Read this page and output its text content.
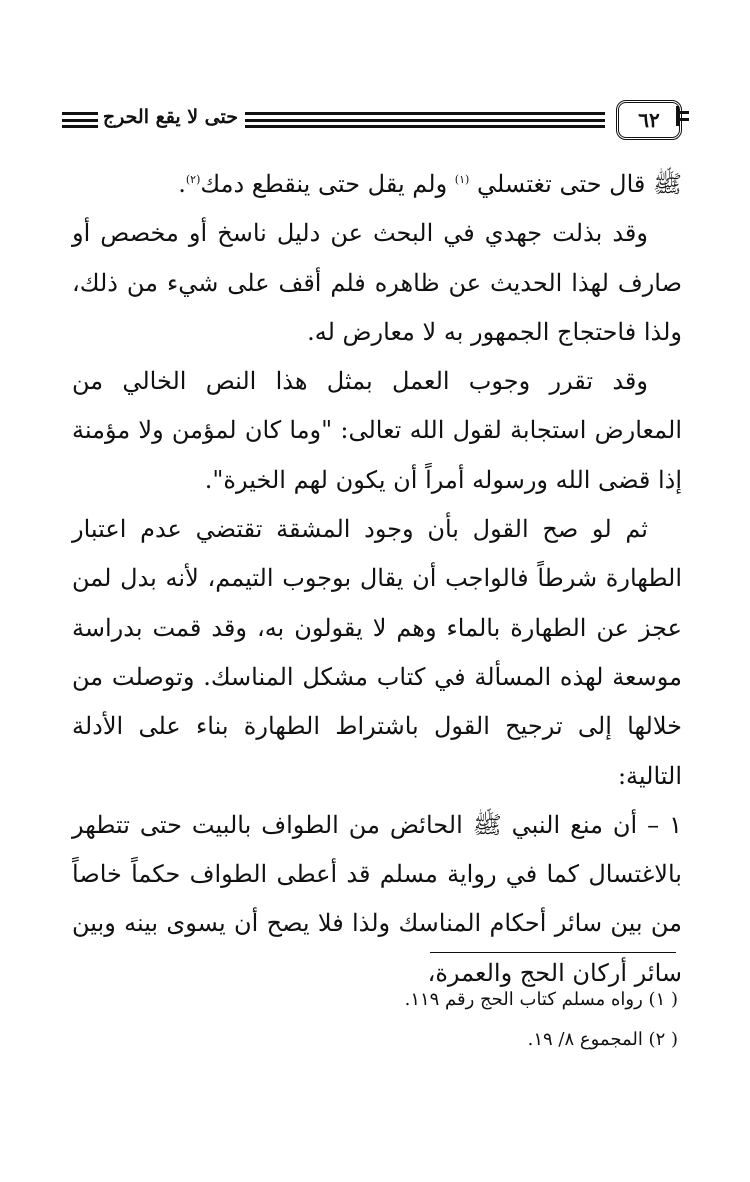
حتى لا يقع الحرج	٦٢

ﷺ قال حتى تغتسلي $^{(١)}$ ولم يقل حتى ينقطع دمك$^{(٢)}$.

وقد بذلت جهدي في البحث عن دليل ناسخ أو مخصص أو صارف لهذا الحديث عن ظاهره فلم أقف على شيء من ذلك، ولذا فاحتجاج الجمهور به لا معارض له.

وقد تقرر وجوب العمل بمثل هذا النص الخالي من المعارض استجابة لقول الله تعالى: "وما كان لمؤمن ولا مؤمنة إذا قضى الله ورسوله أمراً أن يكون لهم الخيرة".

ثم لو صح القول بأن وجود المشقة تقتضي عدم اعتبار الطهارة شرطاً فالواجب أن يقال بوجوب التيمم، لأنه بدل لمن عجز عن الطهارة بالماء وهم لا يقولون به، وقد قمت بدراسة موسعة لهذه المسألة في كتاب مشكل المناسك. وتوصلت من خلالها إلى ترجيح القول باشتراط الطهارة بناء على الأدلة التالية:

١ – أن منع النبي ﷺ الحائض من الطواف بالبيت حتى تتطهر بالاغتسال كما في رواية مسلم قد أعطى الطواف حكماً خاصاً من بين سائر أحكام المناسك ولذا فلا يصح أن يسوى بينه وبين سائر أركان الحج والعمرة،

( ١) رواه مسلم كتاب الحج رقم ١١٩.

( ٢) المجموع ٨/ ١٩.
